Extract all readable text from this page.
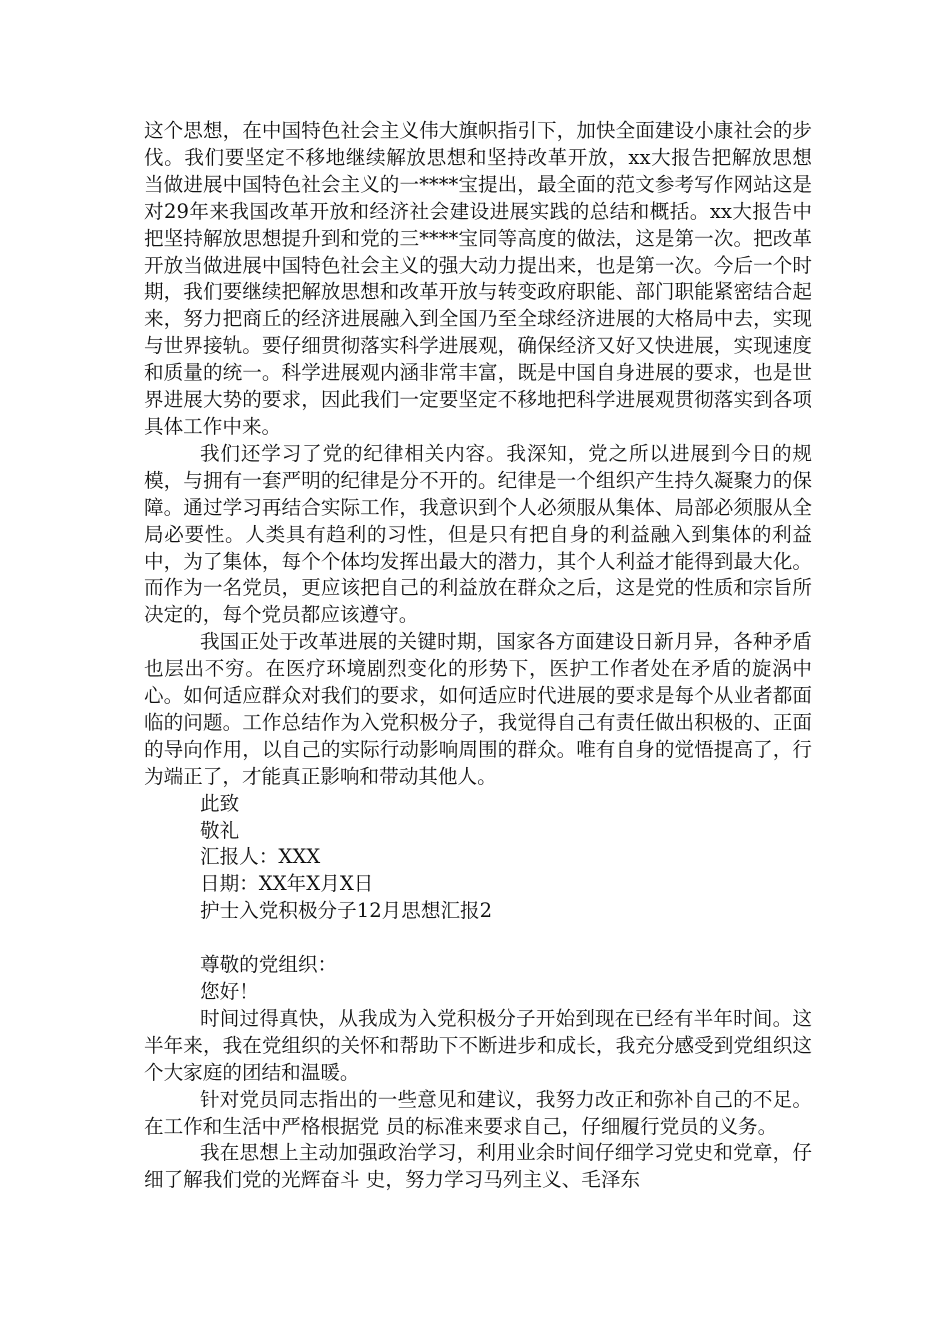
这个思想，在中国特色社会主义伟大旗帜指引下，加快全面建设小康社会的步伐。我们要坚定不移地继续解放思想和坚持改革开放，xx大报告把解放思想当做进展中国特色社会主义的一****宝提出，最全面的范文参考写作网站这是对29年来我国改革开放和经济社会建设进展实践的总结和概括。xx大报告中把坚持解放思想提升到和党的三****宝同等高度的做法，这是第一次。把改革开放当做进展中国特色社会主义的强大动力提出来，也是第一次。今后一个时期，我们要继续把解放思想和改革开放与转变政府职能、部门职能紧密结合起来，努力把商丘的经济进展融入到全国乃至全球经济进展的大格局中去，实现与世界接轨。要仔细贯彻落实科学进展观，确保经济又好又快进展，实现速度和质量的统一。科学进展观内涵非常丰富，既是中国自身进展的要求，也是世界进展大势的要求，因此我们一定要坚定不移地把科学进展观贯彻落实到各项具体工作中来。

我们还学习了党的纪律相关内容。我深知，党之所以进展到今日的规模，与拥有一套严明的纪律是分不开的。纪律是一个组织产生持久凝聚力的保障。通过学习再结合实际工作，我意识到个人必须服从集体、局部必须服从全局必要性。人类具有趋利的习性，但是只有把自身的利益融入到集体的利益中，为了集体，每个个体均发挥出最大的潜力，其个人利益才能得到最大化。而作为一名党员，更应该把自己的利益放在群众之后，这是党的性质和宗旨所决定的，每个党员都应该遵守。

我国正处于改革进展的关键时期，国家各方面建设日新月异，各种矛盾也层出不穷。在医疗环境剧烈变化的形势下，医护工作者处在矛盾的旋涡中心。如何适应群众对我们的要求，如何适应时代进展的要求是每个从业者都面临的问题。工作总结作为入党积极分子，我觉得自己有责任做出积极的、正面的导向作用，以自己的实际行动影响周围的群众。唯有自身的觉悟提高了，行为端正了，才能真正影响和带动其他人。

此致

敬礼

汇报人：XXX

日期：XX年X月X日

护士入党积极分子12月思想汇报2

尊敬的党组织：

您好！

时间过得真快，从我成为入党积极分子开始到现在已经有半年时间。这半年来，我在党组织的关怀和帮助下不断进步和成长，我充分感受到党组织这个大家庭的团结和温暖。

针对党员同志指出的一些意见和建议，我努力改正和弥补自己的不足。在工作和生活中严格根据党 员的标准来要求自己，仔细履行党员的义务。

我在思想上主动加强政治学习，利用业余时间仔细学习党史和党章，仔细了解我们党的光辉奋斗 史，努力学习马列主义、毛泽东
